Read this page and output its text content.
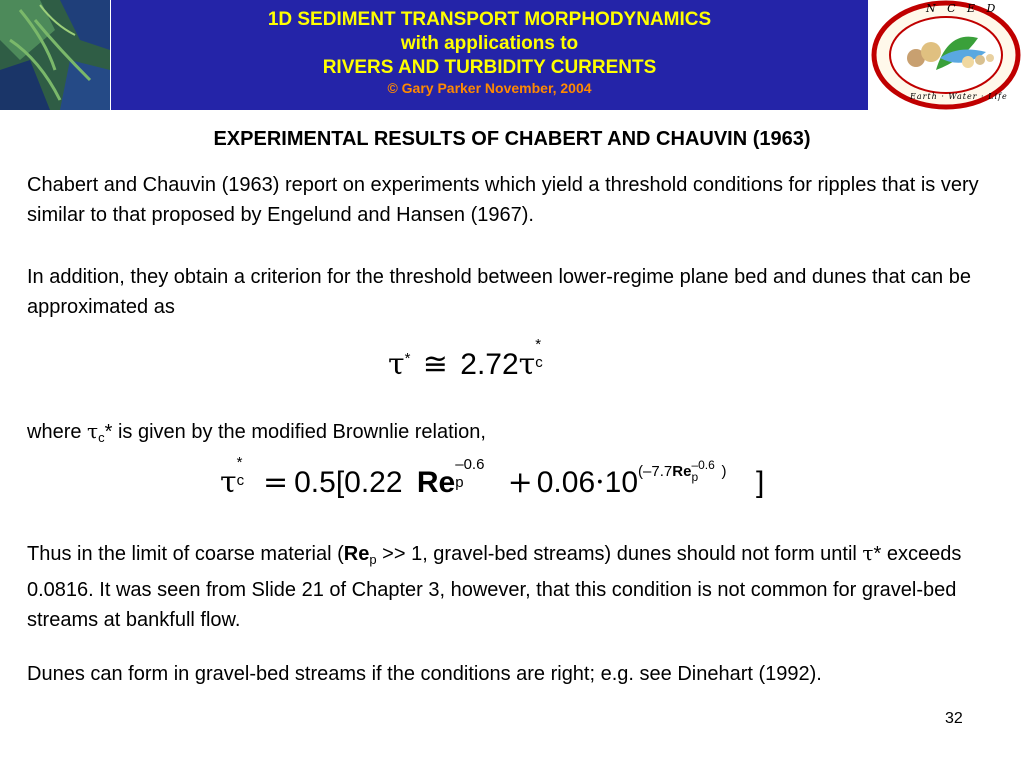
1D SEDIMENT TRANSPORT MORPHODYNAMICS
with applications to
RIVERS AND TURBIDITY CURRENTS
© Gary Parker November, 2004
N C E D
Earth · Water · Life
EXPERIMENTAL RESULTS OF CHABERT AND CHAUVIN (1963)
Chabert and Chauvin (1963) report on experiments which yield a threshold conditions for ripples that is very similar to that proposed by Engelund and Hansen (1967).
In addition, they obtain a criterion for the threshold between lower-regime plane bed and dunes that can be approximated as
τ* ≅ 2.72τ
*
c
where $\tau_c*$ is given by the modified Brownlie relation,
τ
*
c = 0.5[0.22 Re
–0.6
p + 0.06·10 (–7.7Re –0.6
p ) ]
Thus in the limit of coarse material ($Re_p >> 1$, gravel-bed streams) dunes should not form until τ* exceeds 0.0816. It was seen from Slide 21 of Chapter 3, however, that this condition is not common for gravel-bed streams at bankfull flow.
Dunes can form in gravel-bed streams if the conditions are right; e.g. see Dinehart (1992).
32
